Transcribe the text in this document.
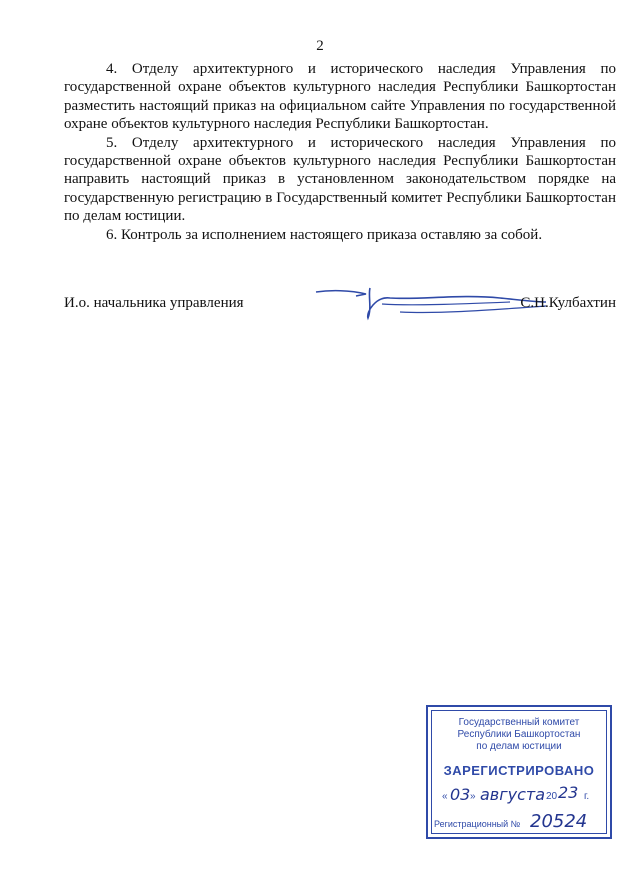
2

4. Отделу архитектурного и исторического наследия Управления по государственной охране объектов культурного наследия Республики Башкортостан разместить настоящий приказ на официальном сайте Управления по государственной охране объектов культурного наследия Республики Башкортостан.

5. Отделу архитектурного и исторического наследия Управления по государственной охране объектов культурного наследия Республики Башкортостан направить настоящий приказ в установленном законодательством порядке на государственную регистрацию в Государственный комитет Республики Башкортостан по делам юстиции.

6. Контроль за исполнением настоящего приказа оставляю за собой.

И.о. начальника управления	С.Н.Кулбахтин
Государственный комитет
Республики Башкортостан
по делам юстиции
ЗАРЕГИСТРИРОВАНО
« 03 » августа 20 23 г.
Регистрационный № 20524
